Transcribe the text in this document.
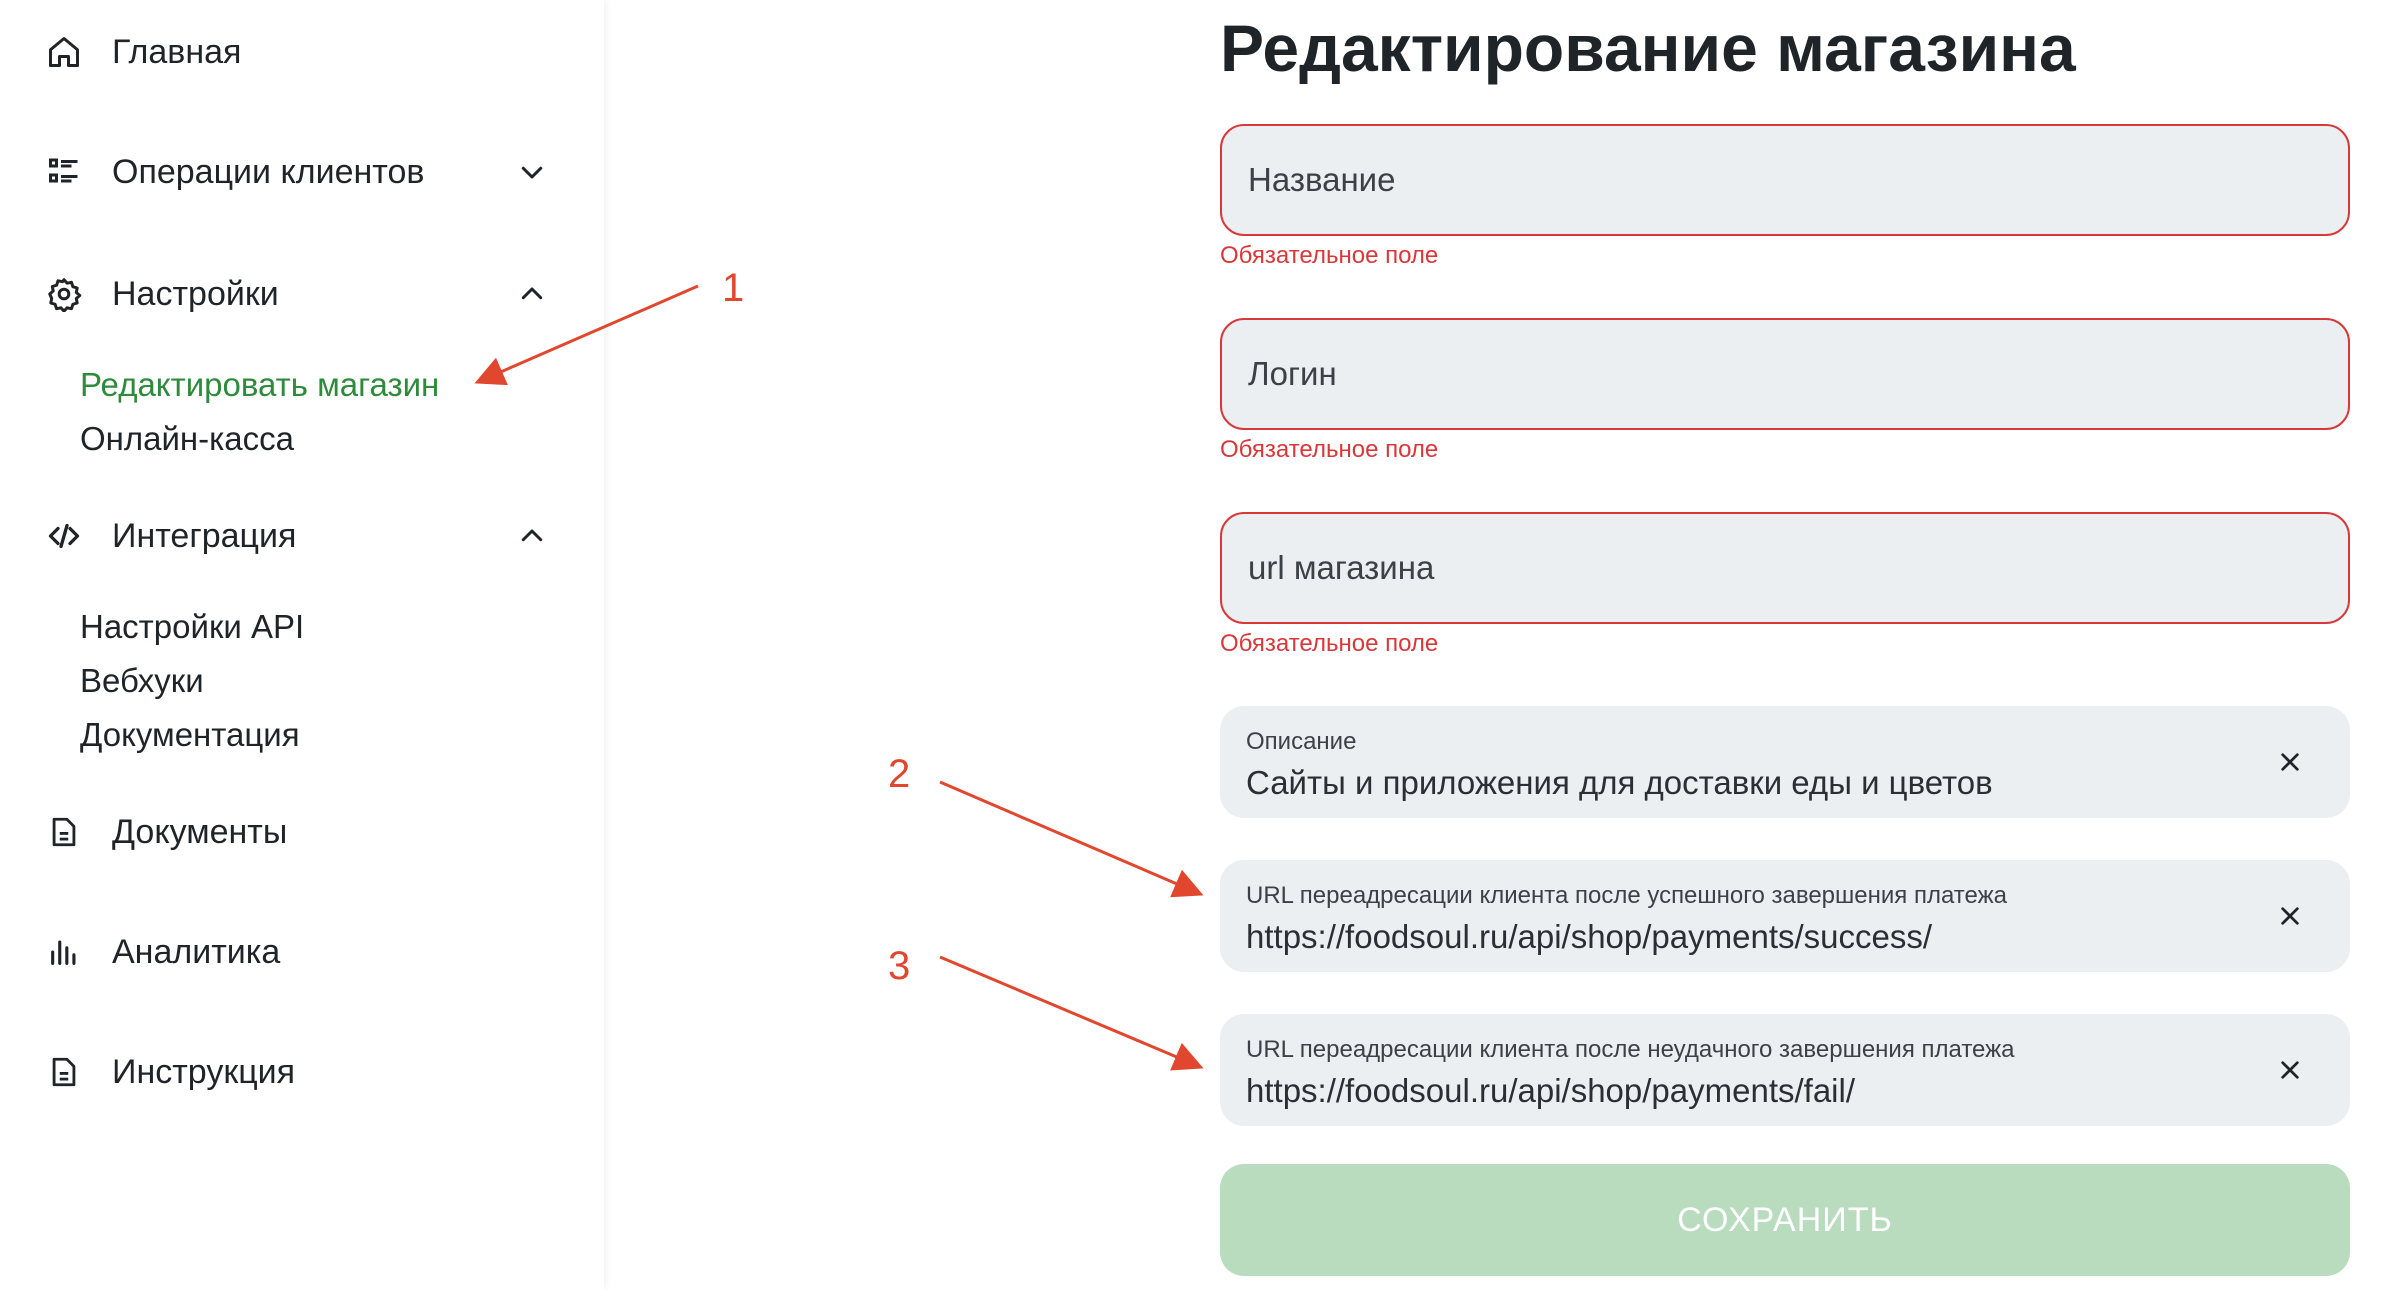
Главная
Операции клиентов
Настройки
Редактировать магазин
Онлайн-касса
Интеграция
Настройки API
Вебхуки
Документация
Документы
Аналитика
Инструкция
Редактирование магазина
Название
Обязательное поле
Логин
Обязательное поле
url магазина
Обязательное поле
Описание
Сайты и приложения для доставки еды и цветов
URL переадресации клиента после успешного завершения платежа
https://foodsoul.ru/api/shop/payments/success/
URL переадресации клиента после неудачного завершения платежа
https://foodsoul.ru/api/shop/payments/fail/
СОХРАНИТЬ
1
2
3
